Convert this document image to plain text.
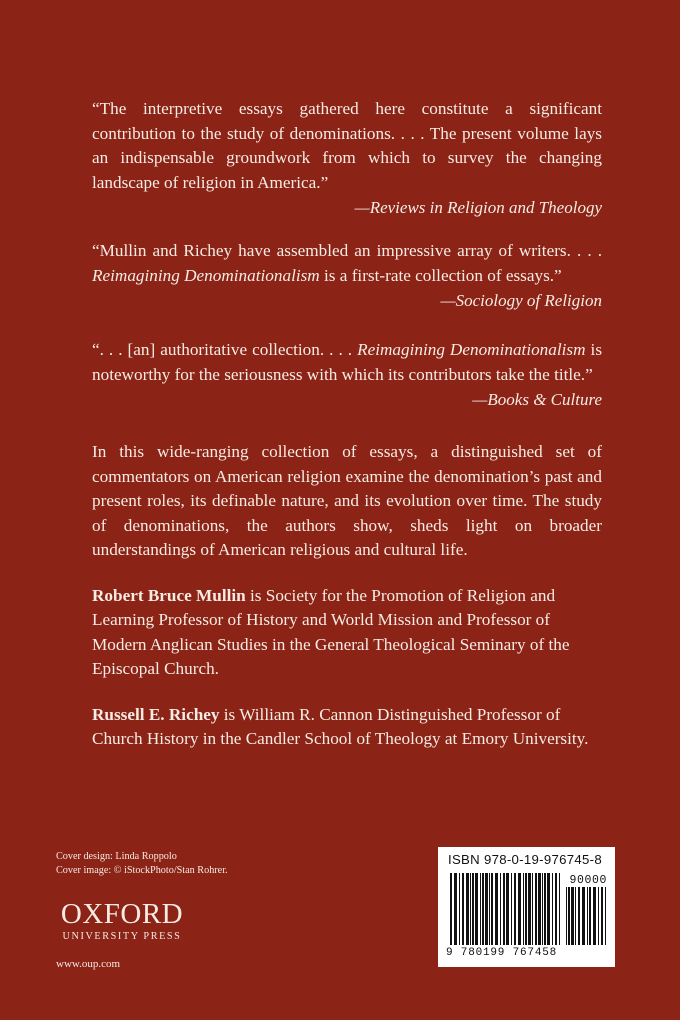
“The interpretive essays gathered here constitute a significant contribution to the study of denominations. . . . The present volume lays an indispensable groundwork from which to survey the changing landscape of religion in America.”

—Reviews in Religion and Theology

“Mullin and Richey have assembled an impressive array of writers. . . . Reimagining Denominationalism is a first-rate collection of essays.”

—Sociology of Religion

“. . . [an] authoritative collection. . . . Reimagining Denominationalism is noteworthy for the seriousness with which its contributors take the title.”

—Books & Culture
In this wide-ranging collection of essays, a distinguished set of commentators on American religion examine the denomination’s past and present roles, its definable nature, and its evolution over time. The study of denominations, the authors show, sheds light on broader understandings of American religious and cultural life.
Robert Bruce Mullin is Society for the Promotion of Religion and Learning Professor of History and World Mission and Professor of Modern Anglican Studies in the General Theological Seminary of the Episcopal Church.
Russell E. Richey is William R. Cannon Distinguished Professor of Church History in the Candler School of Theology at Emory University.
Cover design: Linda Roppolo
Cover image: © iStockPhoto/Stan Rohrer.
OXFORD
UNIVERSITY PRESS
www.oup.com
ISBN 978-0-19-976745-8
90000
9 780199 767458
